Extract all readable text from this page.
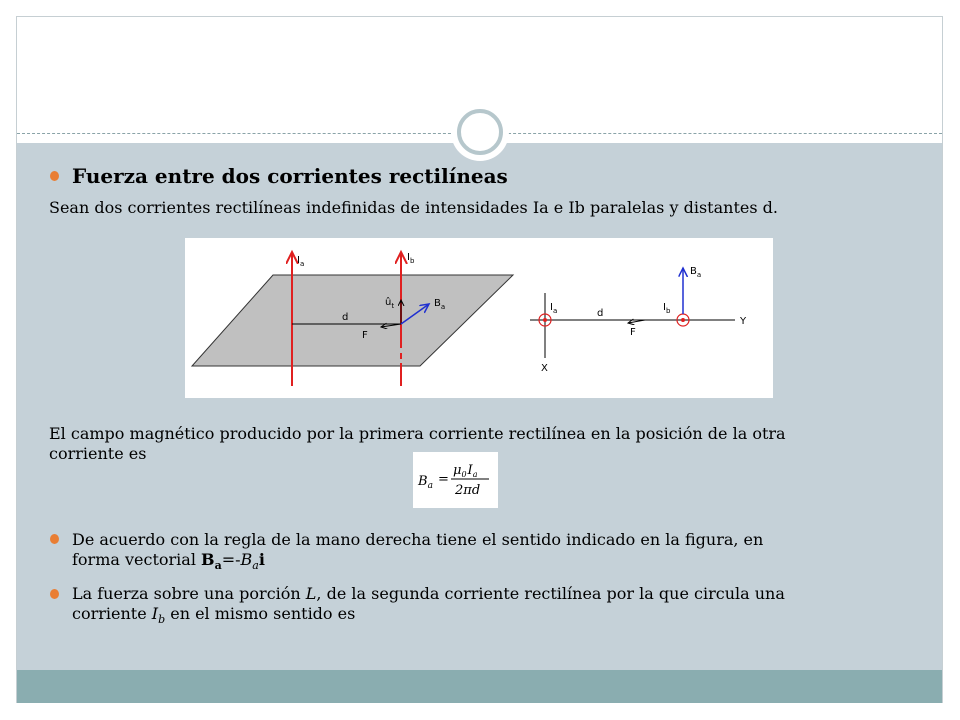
Fuerza entre dos corrientes rectilíneas
Sean dos corrientes rectilíneas indefinidas de intensidades Ia e Ib paralelas y distantes d.
$I_a$
$I_b$
d
F
$û_t$	$B_a$	$I_a$	$I_b$
d
F
$B_a$
Y
X
El campo magnético producido por la primera corriente rectilínea en la posición de la otra
corriente es
$B_a$ =
$\mu_0I_a$
2πd
De acuerdo con la regla de la mano derecha tiene el sentido indicado en la figura, en
forma vectorial $B_a=-B_ai$
La fuerza sobre una porción L, de la segunda corriente rectilínea por la que circula una
corriente $I_b$ en el mismo sentido es
